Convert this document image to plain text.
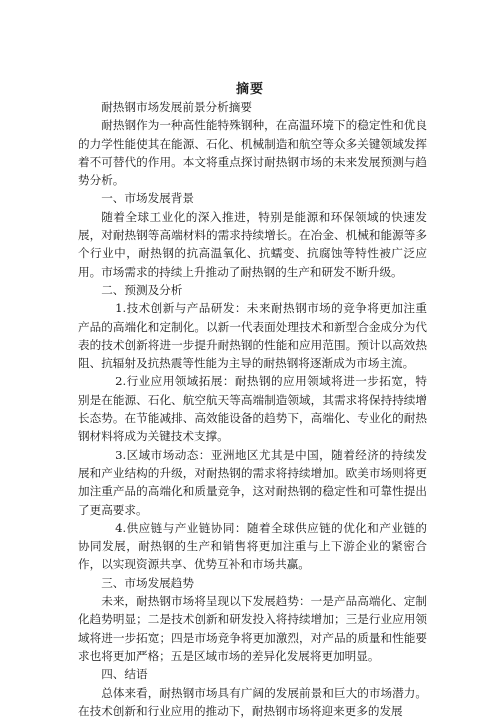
摘要

耐热钢市场发展前景分析摘要

耐热钢作为一种高性能特殊钢种，在高温环境下的稳定性和优良的力学性能使其在能源、石化、机械制造和航空等众多关键领域发挥着不可替代的作用。本文将重点探讨耐热钢市场的未来发展预测与趋势分析。

一、市场发展背景

随着全球工业化的深入推进，特别是能源和环保领域的快速发展，对耐热钢等高端材料的需求持续增长。在冶金、机械和能源等多个行业中，耐热钢的抗高温氧化、抗蠕变、抗腐蚀等特性被广泛应用。市场需求的持续上升推动了耐热钢的生产和研发不断升级。

二、预测及分析

1.技术创新与产品研发：未来耐热钢市场的竞争将更加注重产品的高端化和定制化。以新一代表面处理技术和新型合金成分为代表的技术创新将进一步提升耐热钢的性能和应用范围。预计以高效热阻、抗辐射及抗热震等性能为主导的耐热钢将逐渐成为市场主流。

2.行业应用领域拓展：耐热钢的应用领域将进一步拓宽，特别是在能源、石化、航空航天等高端制造领域，其需求将保持持续增长态势。在节能减排、高效能设备的趋势下，高端化、专业化的耐热钢材料将成为关键技术支撑。

3.区域市场动态：亚洲地区尤其是中国，随着经济的持续发展和产业结构的升级，对耐热钢的需求将持续增加。欧美市场则将更加注重产品的高端化和质量竞争，这对耐热钢的稳定性和可靠性提出了更高要求。

4.供应链与产业链协同：随着全球供应链的优化和产业链的协同发展，耐热钢的生产和销售将更加注重与上下游企业的紧密合作，以实现资源共享、优势互补和市场共赢。

三、市场发展趋势

未来，耐热钢市场将呈现以下发展趋势：一是产品高端化、定制化趋势明显；二是技术创新和研发投入将持续增加；三是行业应用领域将进一步拓宽；四是市场竞争将更加激烈，对产品的质量和性能要求也将更加严格；五是区域市场的差异化发展将更加明显。

四、结语

总体来看，耐热钢市场具有广阔的发展前景和巨大的市场潜力。在技术创新和行业应用的推动下，耐热钢市场将迎来更多的发展
